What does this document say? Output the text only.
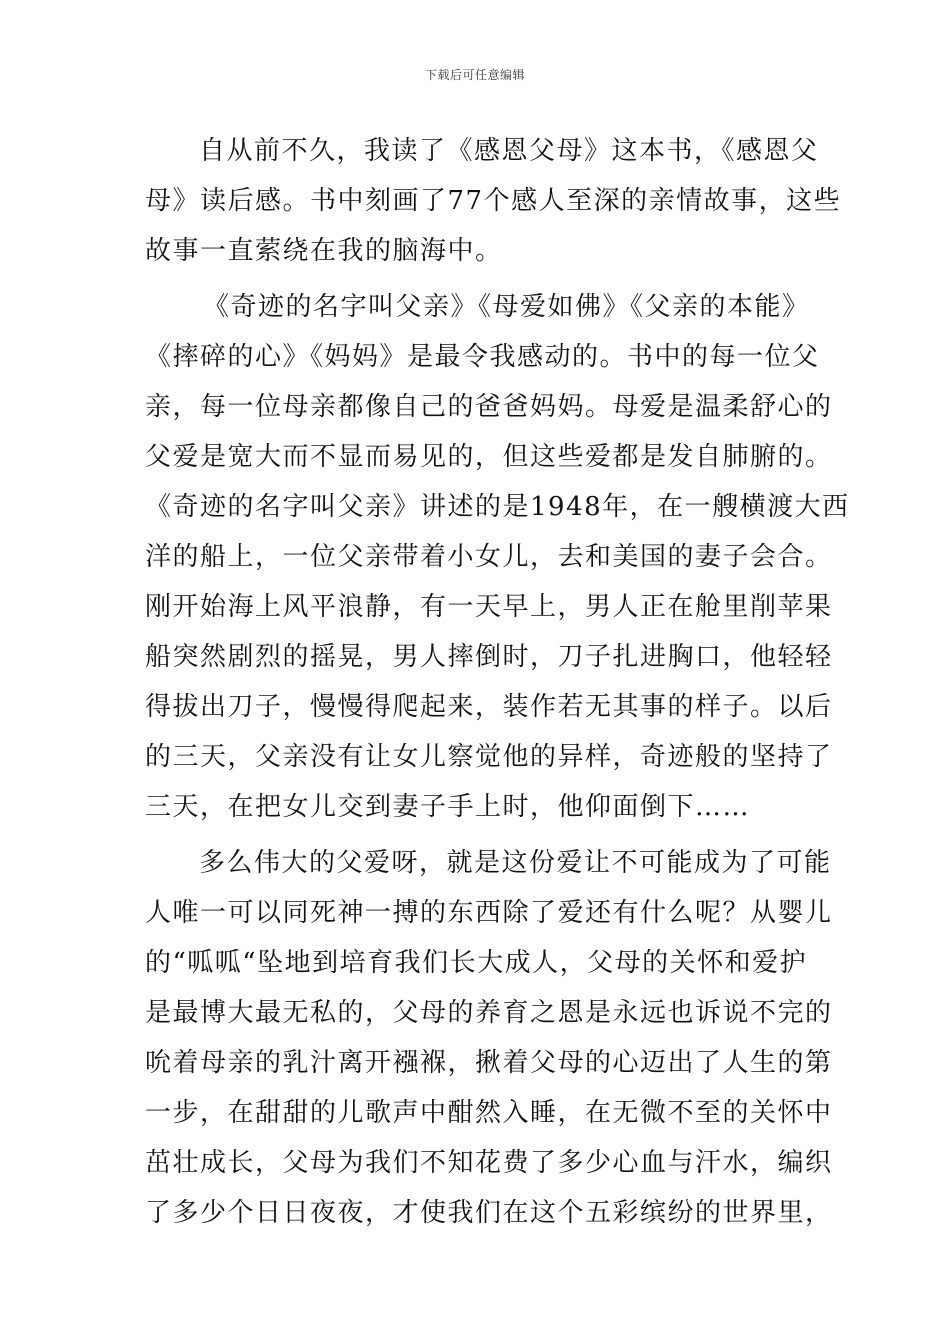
下载后可任意编辑
自从前不久，我读了《感恩父母》这本书，《感恩父
母》读后感。书中刻画了77个感人至深的亲情故事，这些
故事一直萦绕在我的脑海中。
《奇迹的名字叫父亲》《母爱如佛》《父亲的本能》
《摔碎的心》《妈妈》是最令我感动的。书中的每一位父
亲，每一位母亲都像自己的爸爸妈妈。母爱是温柔舒心的
父爱是宽大而不显而易见的，但这些爱都是发自肺腑的。
《奇迹的名字叫父亲》讲述的是1948年，在一艘横渡大西
洋的船上，一位父亲带着小女儿，去和美国的妻子会合。
刚开始海上风平浪静，有一天早上，男人正在舱里削苹果
船突然剧烈的摇晃，男人摔倒时，刀子扎进胸口，他轻轻
得拔出刀子，慢慢得爬起来，装作若无其事的样子。以后
的三天，父亲没有让女儿察觉他的异样，奇迹般的坚持了
三天，在把女儿交到妻子手上时，他仰面倒下……
多么伟大的父爱呀，就是这份爱让不可能成为了可能
人唯一可以同死神一搏的东西除了爱还有什么呢？从婴儿
的“呱呱“坠地到培育我们长大成人，父母的关怀和爱护
是最博大最无私的，父母的养育之恩是永远也诉说不完的
吮着母亲的乳汁离开襁褓，揪着父母的心迈出了人生的第
一步，在甜甜的儿歌声中酣然入睡，在无微不至的关怀中
茁壮成长，父母为我们不知花费了多少心血与汗水，编织
了多少个日日夜夜，才使我们在这个五彩缤纷的世界里，
